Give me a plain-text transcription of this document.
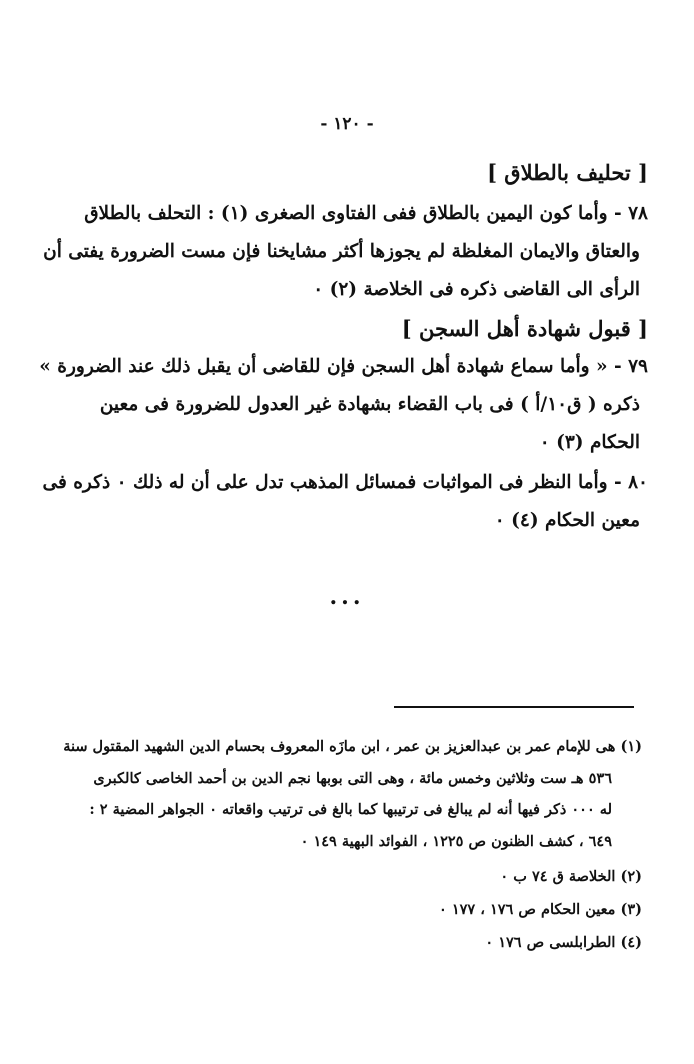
- ١٢٠ -
[ تحليف بالطلاق ]
٧٨ - وأما كون اليمين بالطلاق ففى الفتاوى الصغرى (١) : التحلف بالطلاق
والعتاق والايمان المغلظة لم يجوزها أكثر مشايخنا فإن مست الضرورة يفتى أن
الرأى الى القاضى ذكره فى الخلاصة (٢) ٠
[ قبول شهادة أهل السجن ]
٧٩ - « وأما سماع شهادة أهل السجن فإن للقاضى أن يقبل ذلك عند الضرورة »
ذكره ( ق١٠/أ ) فى باب القضاء بشهادة غير العدول للضرورة فى معين
الحكام (٣) ٠
٨٠ - وأما النظر فى المواثبات فمسائل المذهب تدل على أن له ذلك ٠ ذكره فى
معين الحكام (٤) ٠
...
(١) هى للإمام عمر بن عبدالعزيز بن عمر ، ابن مازَه المعروف بحسام الدين الشهيد المقتول سنة
٥٣٦ هـ ست وثلاثين وخمس مائة ، وهى التى بوبها نجم الدين بن أحمد الخاصى كالكبرى
له ٠٠٠ ذكر فيها أنه لم يبالغ فى ترتيبها كما بالغ فى ترتيب واقعاته ٠ الجواهر المضية ٢ :
٦٤٩ ، كشف الظنون ص ١٢٢٥ ، الفوائد البهية ١٤٩ ٠
(٢) الخلاصة ق ٧٤ ب ٠
(٣) معين الحكام ص ١٧٦ ، ١٧٧ ٠
(٤) الطرابلسى ص ١٧٦ ٠
